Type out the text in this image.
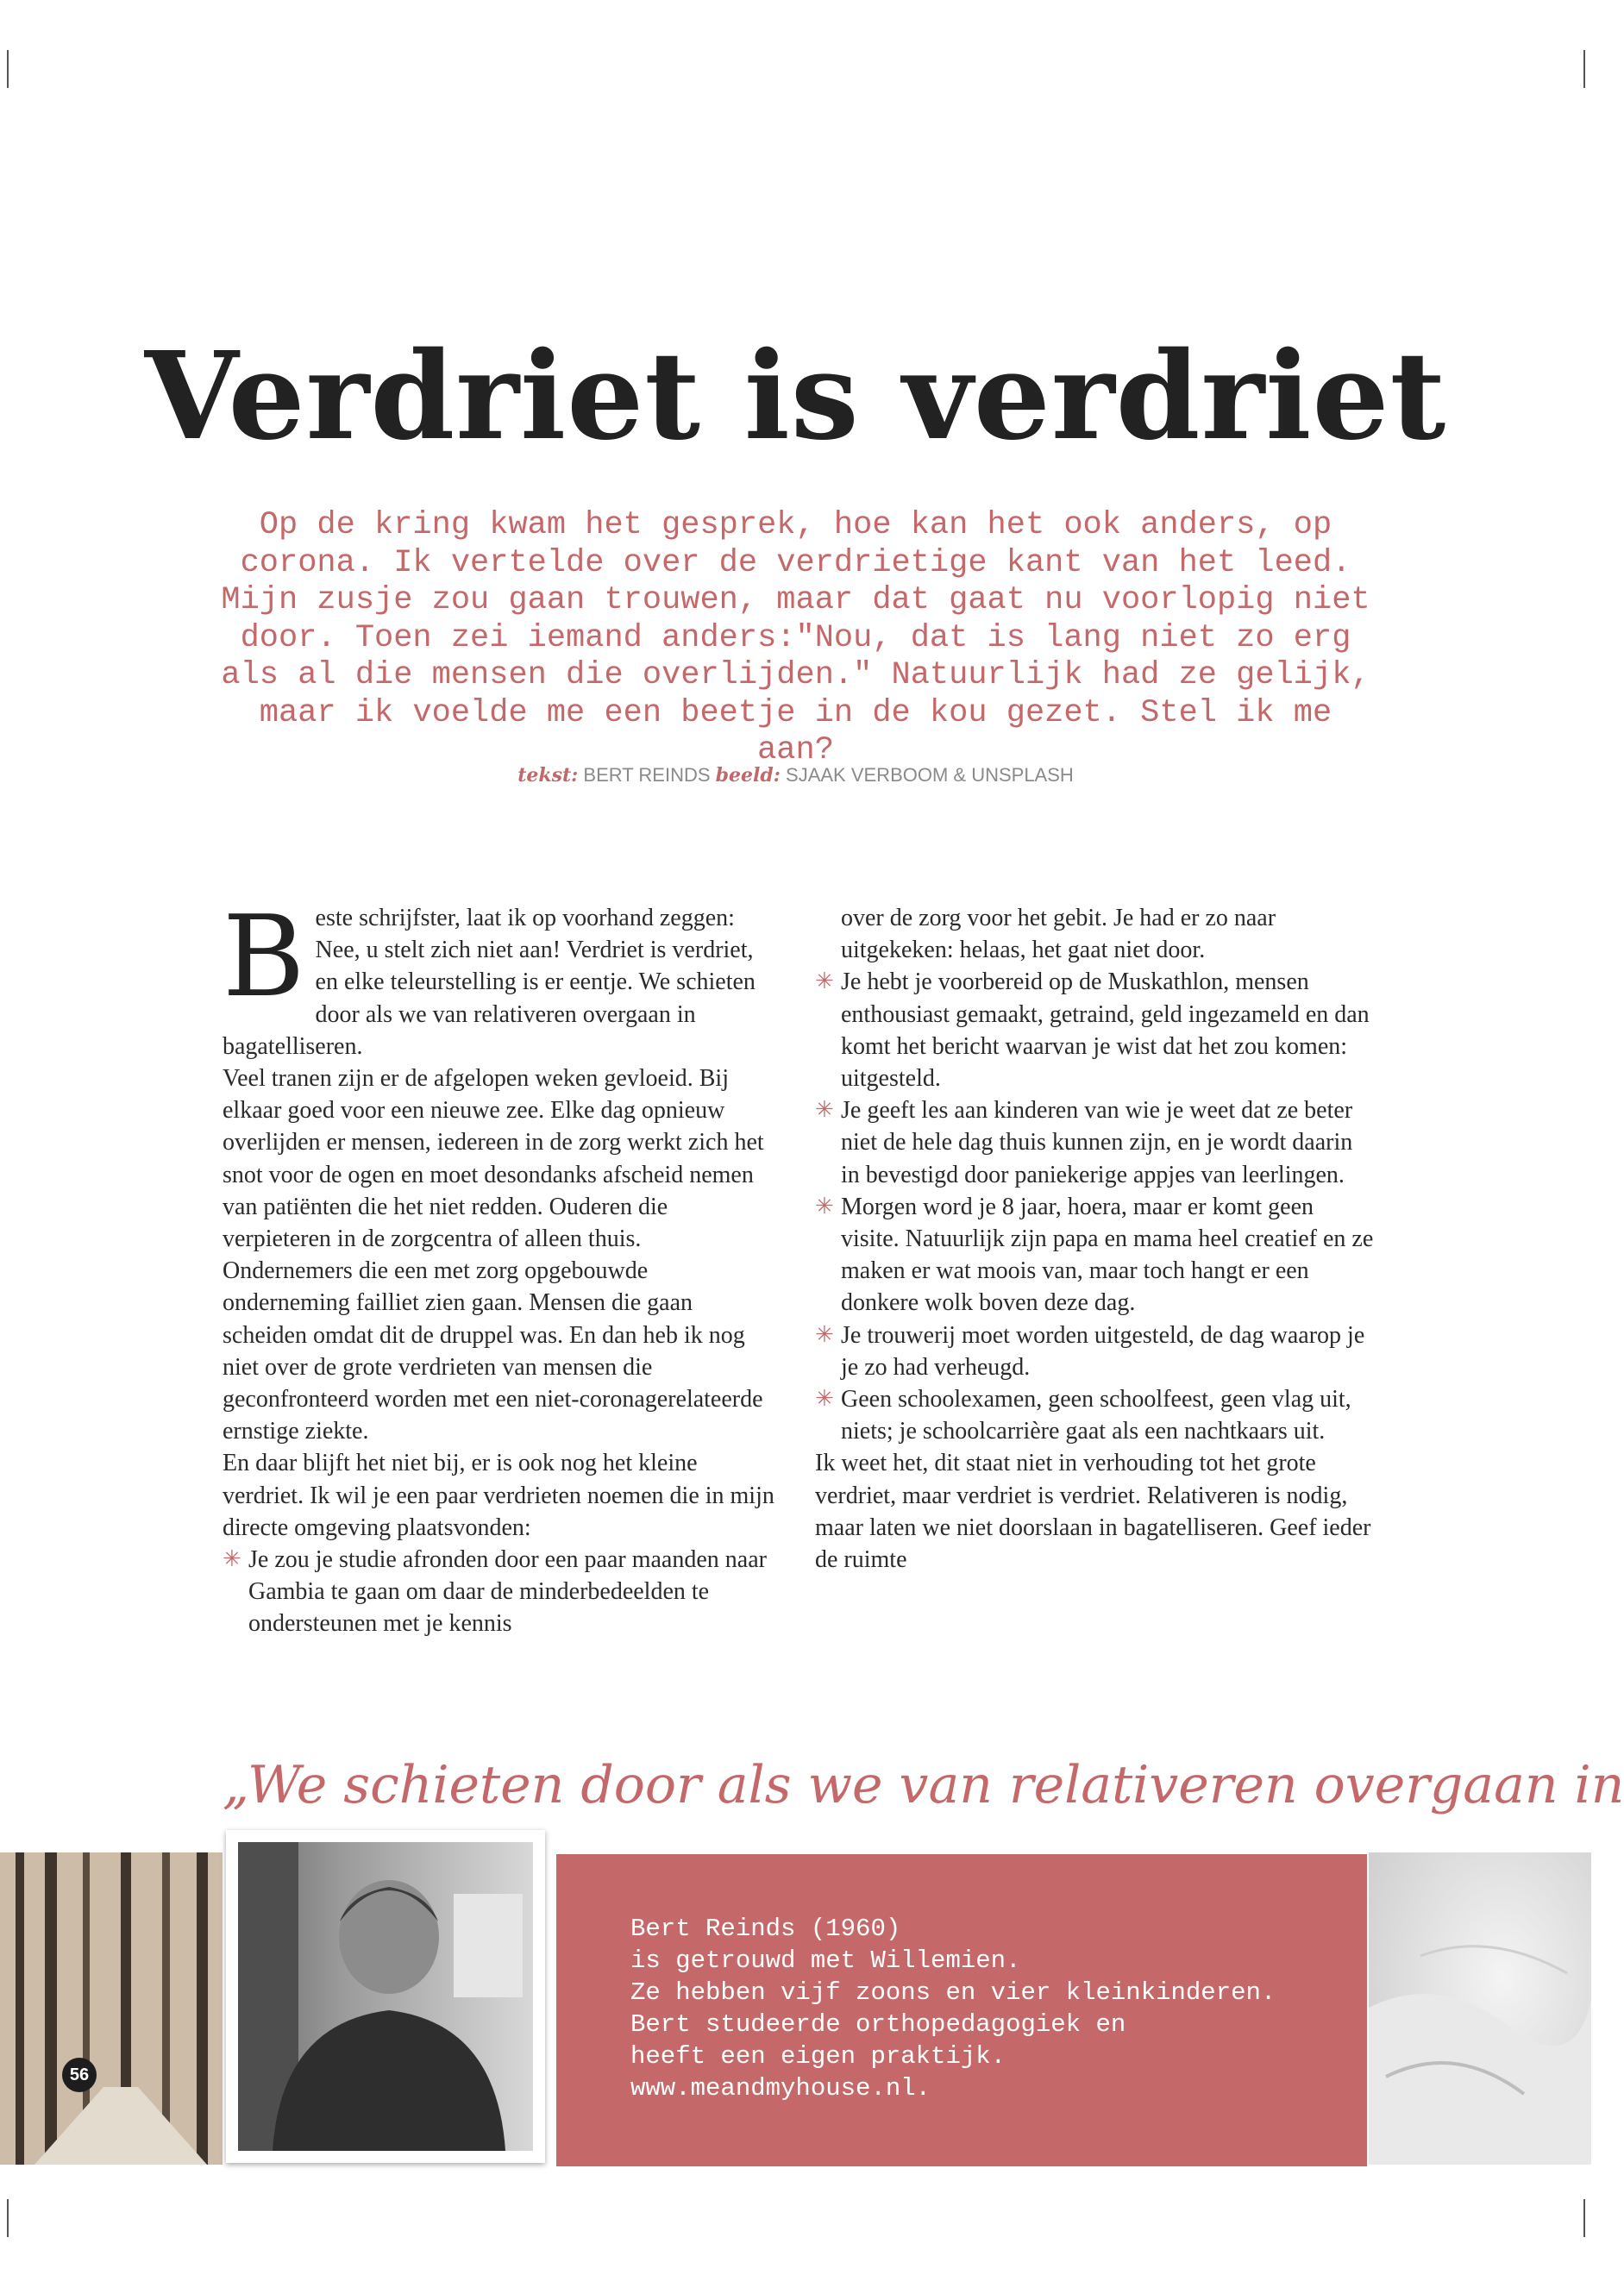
Verdriet is verdriet

Op de kring kwam het gesprek, hoe kan het ook anders, op
corona. Ik vertelde over de verdrietige kant van het leed.
Mijn zusje zou gaan trouwen, maar dat gaat nu voorlopig niet
door. Toen zei iemand anders:"Nou, dat is lang niet zo erg
als al die mensen die overlijden." Natuurlijk had ze gelijk,
maar ik voelde me een beetje in de kou gezet. Stel ik me aan?

tekst: BERT REINDS beeld: SJAAK VERBOOM & UNSPLASH

Beste schrijfster, laat ik op voorhand zeggen: Nee, u stelt zich niet aan! Verdriet is verdriet, en elke teleurstelling is er eentje. We schieten door als we van relativeren overgaan in bagatelliseren.

Veel tranen zijn er de afgelopen weken gevloeid. Bij elkaar goed voor een nieuwe zee. Elke dag opnieuw overlijden er mensen, iedereen in de zorg werkt zich het snot voor de ogen en moet desondanks afscheid nemen van patiënten die het niet redden. Ouderen die verpieteren in de zorgcentra of alleen thuis. Ondernemers die een met zorg opgebouwde onderneming failliet zien gaan. Mensen die gaan scheiden omdat dit de druppel was. En dan heb ik nog niet over de grote verdrieten van mensen die geconfronteerd worden met een niet-coronagerelateerde ernstige ziekte.

En daar blijft het niet bij, er is ook nog het kleine verdriet. Ik wil je een paar verdrieten noemen die in mijn directe omgeving plaatsvonden:

✳ Je zou je studie afronden door een paar maanden naar Gambia te gaan om daar de minderbedeelden te ondersteunen met je kennis

over de zorg voor het gebit. Je had er zo naar uitgekeken: helaas, het gaat niet door.

✳ Je hebt je voorbereid op de Muskathlon, mensen enthousiast gemaakt, getraind, geld ingezameld en dan komt het bericht waarvan je wist dat het zou komen: uitgesteld.
✳ Je geeft les aan kinderen van wie je weet dat ze beter niet de hele dag thuis kunnen zijn, en je wordt daarin in bevestigd door paniekerige appjes van leerlingen.
✳ Morgen word je 8 jaar, hoera, maar er komt geen visite. Natuurlijk zijn papa en mama heel creatief en ze maken er wat moois van, maar toch hangt er een donkere wolk boven deze dag.
✳ Je trouwerij moet worden uitgesteld, de dag waarop je je zo had verheugd.
✳ Geen schoolexamen, geen schoolfeest, geen vlag uit, niets; je schoolcarrière gaat als een nachtkaars uit.

Ik weet het, dit staat niet in verhouding tot het grote verdriet, maar verdriet is verdriet. Relativeren is nodig, maar laten we niet doorslaan in bagatelliseren. Geef ieder de ruimte

„We schieten door als we van relativeren overgaan in
56
Bert Reinds (1960)
is getrouwd met Willemien.
Ze hebben vijf zoons en vier kleinkinderen.
Bert studeerde orthopedagogiek en
heeft een eigen praktijk.
www.meandmyhouse.nl.
